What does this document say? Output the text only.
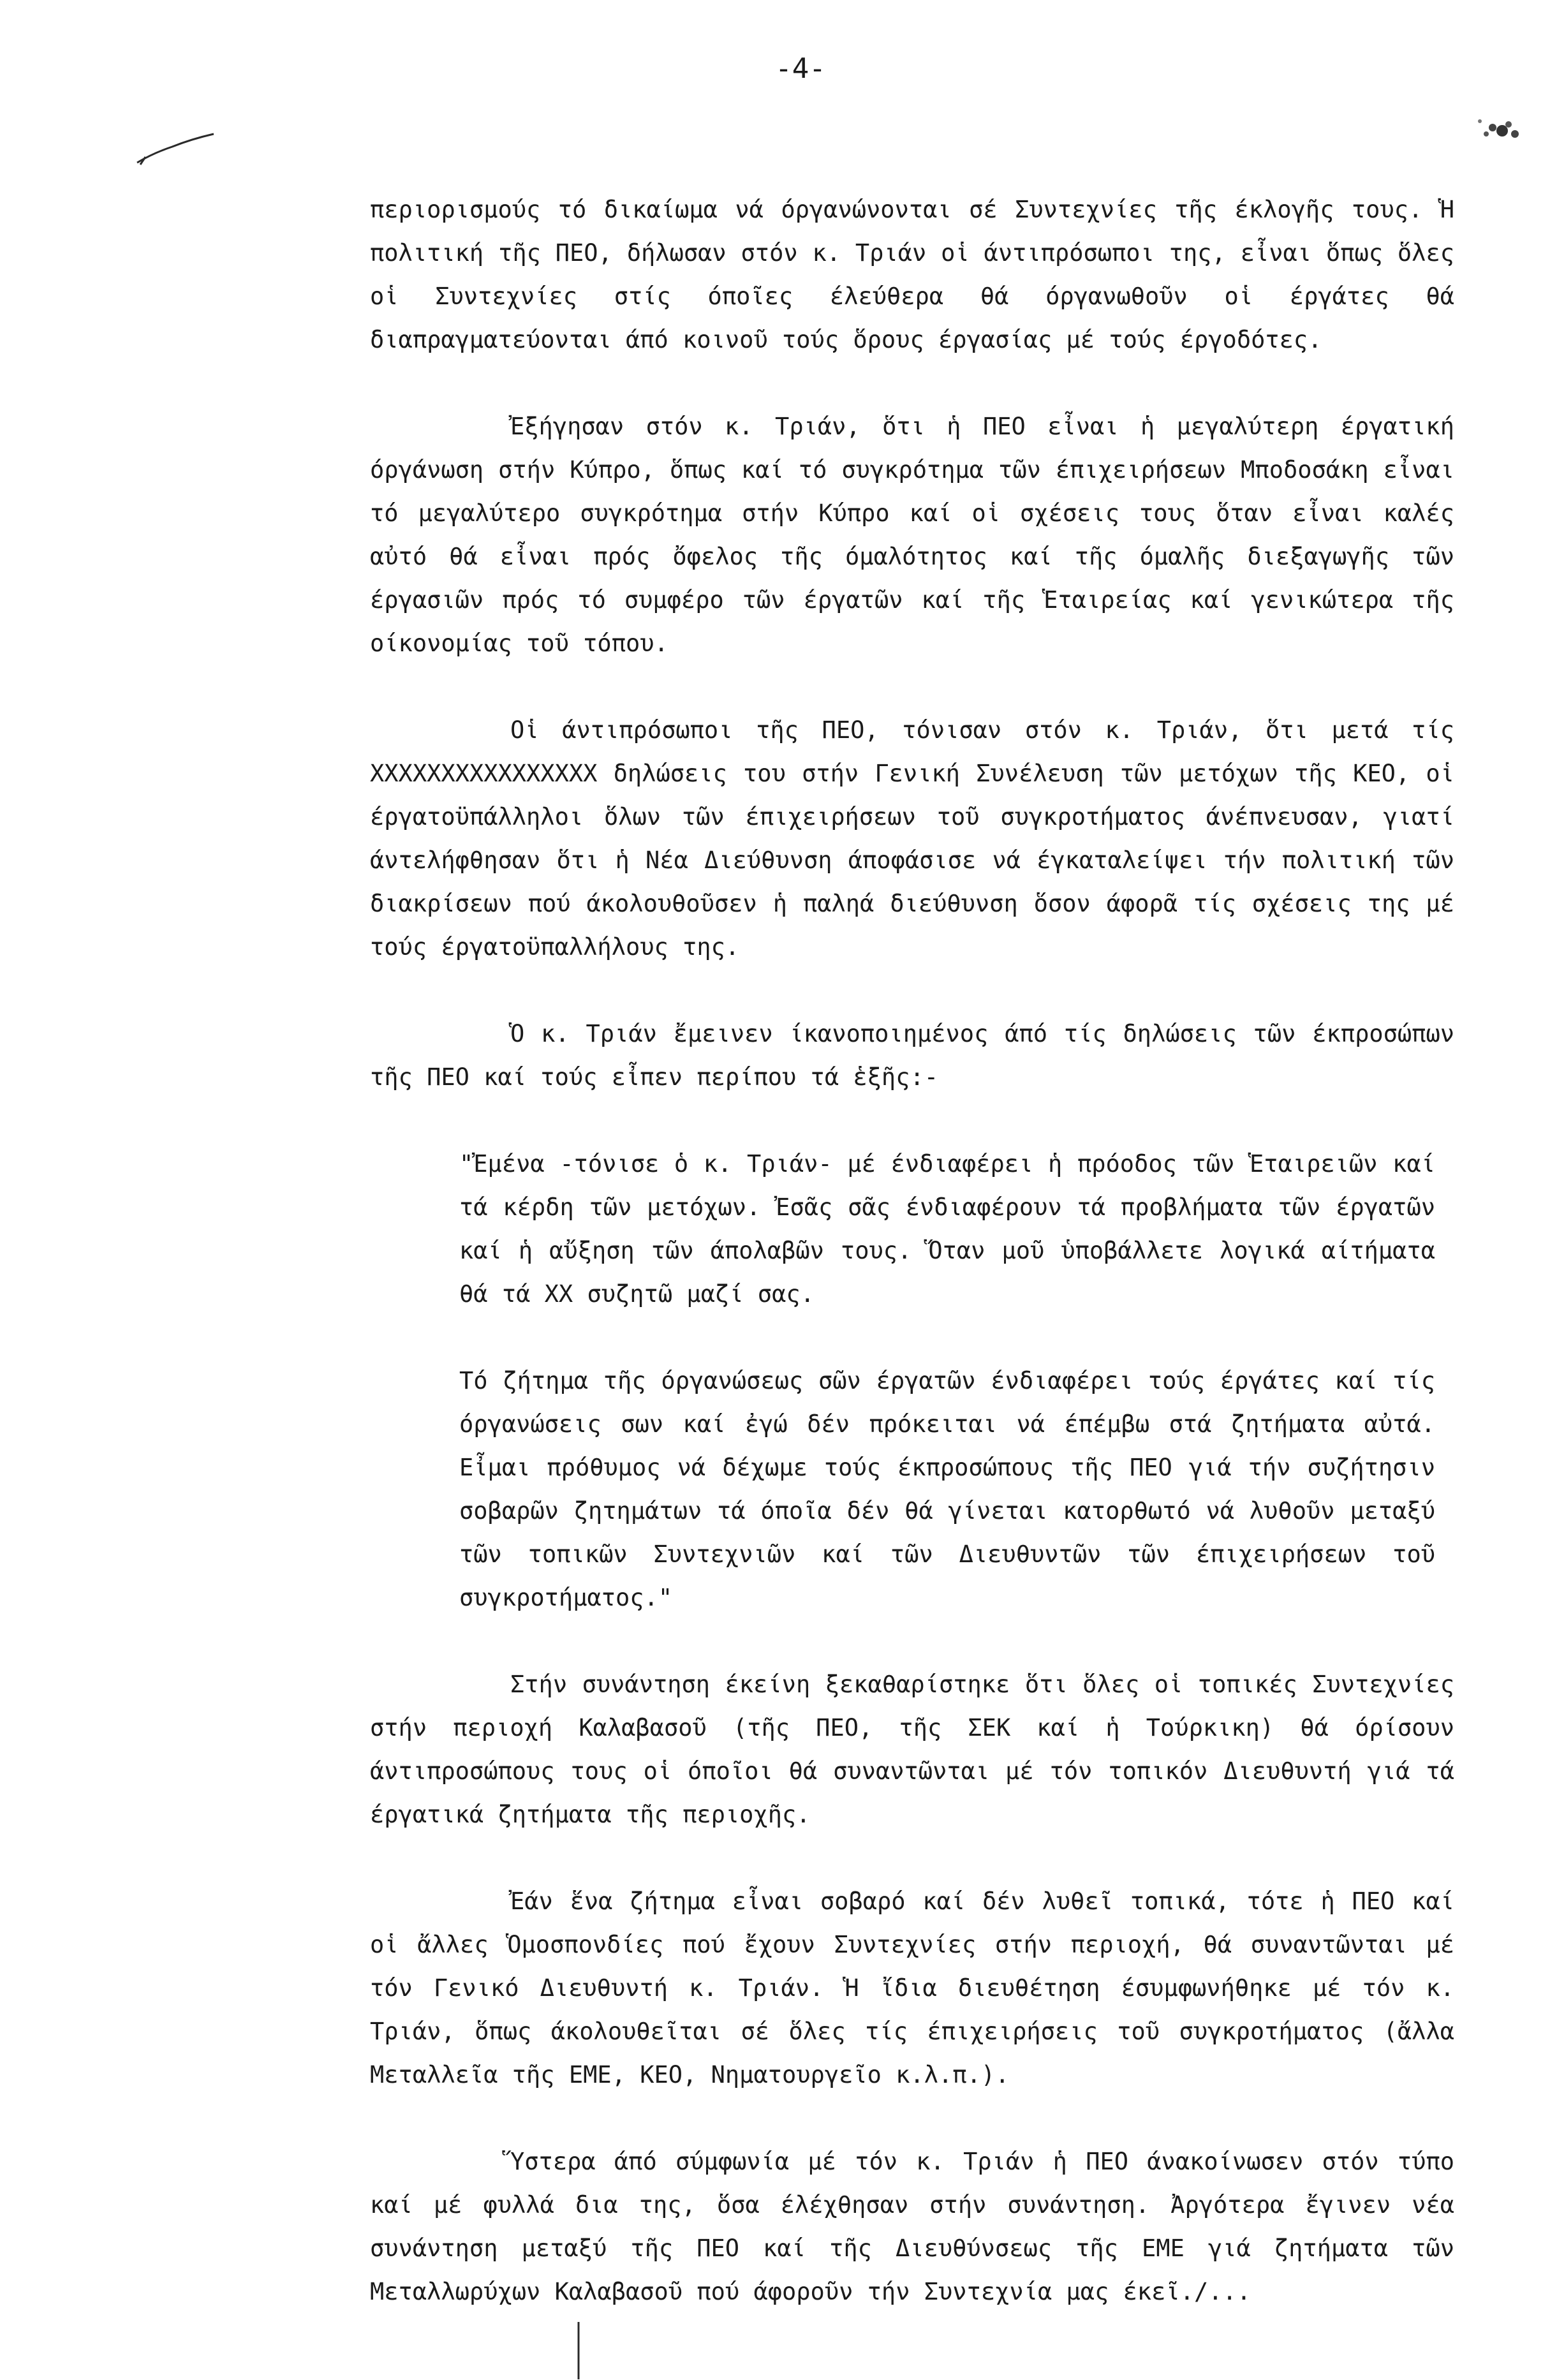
-4-

περιορισμούς τό δικαίωμα νά όργανώνονται σέ Συντεχνίες τῆς έκλογῆς τους. Ἡ πολιτική τῆς ΠΕΟ, δήλωσαν στόν κ. Τριάν οἱ άντιπρόσωποι της, εἶναι ὅπως ὅλες οἱ Συντεχνίες στίς όποῖες έλεύθερα θά όργανωθοῦν οἱ έργάτες θά διαπραγματεύονται άπό κοινοῦ τούς ὅρους έργασίας μέ τούς έργοδότες.

Ἐξήγησαν στόν κ. Τριάν, ὅτι ἡ ΠΕΟ εἶναι ἡ μεγαλύτερη έργατική όργάνωση στήν Κύπρο, ὅπως καί τό συγκρότημα τῶν έπιχειρήσεων Μποδοσάκη εἶναι τό μεγαλύτερο συγκρότημα στήν Κύπρο καί οἱ σχέσεις τους ὅταν εἶναι καλές αὐτό θά εἶναι πρός ὄφελος τῆς όμαλότητος καί τῆς όμαλῆς διεξαγωγῆς τῶν έργασιῶν πρός τό συμφέρο τῶν έργατῶν καί τῆς Ἑταιρείας καί γενικώτερα τῆς οίκονομίας τοῦ τόπου.

Οἱ άντιπρόσωποι τῆς ΠΕΟ, τόνισαν στόν κ. Τριάν, ὅτι μετά τίς ΧΧΧΧΧΧΧΧΧΧΧΧΧΧΧΧ δηλώσεις του στήν Γενική Συνέλευση τῶν μετόχων τῆς ΚΕΟ, οἱ έργατοϋπάλληλοι ὅλων τῶν έπιχειρήσεων τοῦ συγκροτήματος άνέπνευσαν, γιατί άντελήφθησαν ὅτι ἡ Νέα Διεύθυνση άποφάσισε νά έγκαταλείψει τήν πολιτική τῶν διακρίσεων πού άκολουθοῦσεν ἡ παληά διεύθυνση ὅσον άφορᾶ τίς σχέσεις της μέ τούς έργατοϋπαλλήλους της.

Ὁ κ. Τριάν ἔμεινεν ίκανοποιημένος άπό τίς δηλώσεις τῶν έκπροσώπων τῆς ΠΕΟ καί τούς εἶπεν περίπου τά ἑξῆς:-

"Ἐμένα -τόνισε ὁ κ. Τριάν- μέ ένδιαφέρει ἡ πρόοδος τῶν Ἑταιρειῶν καί τά κέρδη τῶν μετόχων. Ἐσᾶς σᾶς ένδιαφέρουν τά προβλήματα τῶν έργατῶν καί ἡ αὔξηση τῶν άπολαβῶν τους. Ὅταν μοῦ ὑποβάλλετε λογικά αίτήματα θά τά ΧΧ συζητῶ μαζί σας.

Τό ζήτημα τῆς όργανώσεως σῶν έργατῶν ένδιαφέρει τούς έργάτες καί τίς όργανώσεις σων καί ἐγώ δέν πρόκειται νά έπέμβω στά ζητήματα αὐτά. Εἶμαι πρόθυμος νά δέχωμε τούς έκπροσώπους τῆς ΠΕΟ γιά τήν συζήτησιν σοβαρῶν ζητημάτων τά όποῖα δέν θά γίνεται κατορθωτό νά λυθοῦν μεταξύ τῶν τοπικῶν Συντεχνιῶν καί τῶν Διευθυντῶν τῶν έπιχειρήσεων τοῦ συγκροτήματος."

Στήν συνάντηση έκείνη ξεκαθαρίστηκε ὅτι ὅλες οἱ τοπικές Συντεχνίες στήν περιοχή Καλαβασοῦ (τῆς ΠΕΟ, τῆς ΣΕΚ καί ἡ Τούρκικη) θά όρίσουν άντιπροσώπους τους οἱ όποῖοι θά συναντῶνται μέ τόν τοπικόν Διευθυντή γιά τά έργατικά ζητήματα τῆς περιοχῆς.

Ἐάν ἕνα ζήτημα εἶναι σοβαρό καί δέν λυθεῖ τοπικά, τότε ἡ ΠΕΟ καί οἱ ἄλλες Ὁμοσπονδίες πού ἔχουν Συντεχνίες στήν περιοχή, θά συναντῶνται μέ τόν Γενικό Διευθυντή κ. Τριάν. Ἡ ἴδια διευθέτηση έσυμφωνήθηκε μέ τόν κ. Τριάν, ὅπως άκολουθεῖται σέ ὅλες τίς έπιχειρήσεις τοῦ συγκροτήματος (ἄλλα Μεταλλεῖα τῆς ΕΜΕ, ΚΕΟ, Νηματουργεῖο κ.λ.π.).

Ὕστερα άπό σύμφωνία μέ τόν κ. Τριάν ἡ ΠΕΟ άνακοίνωσεν στόν τύπο καί μέ φυλλά δια της, ὅσα έλέχθησαν στήν συνάντηση. Ἀργότερα ἔγινεν νέα συνάντηση μεταξύ τῆς ΠΕΟ καί τῆς Διευθύνσεως τῆς ΕΜΕ γιά ζητήματα τῶν Μεταλλωρύχων Καλαβασοῦ πού άφοροῦν τήν Συντεχνία μας έκεῖ./...
